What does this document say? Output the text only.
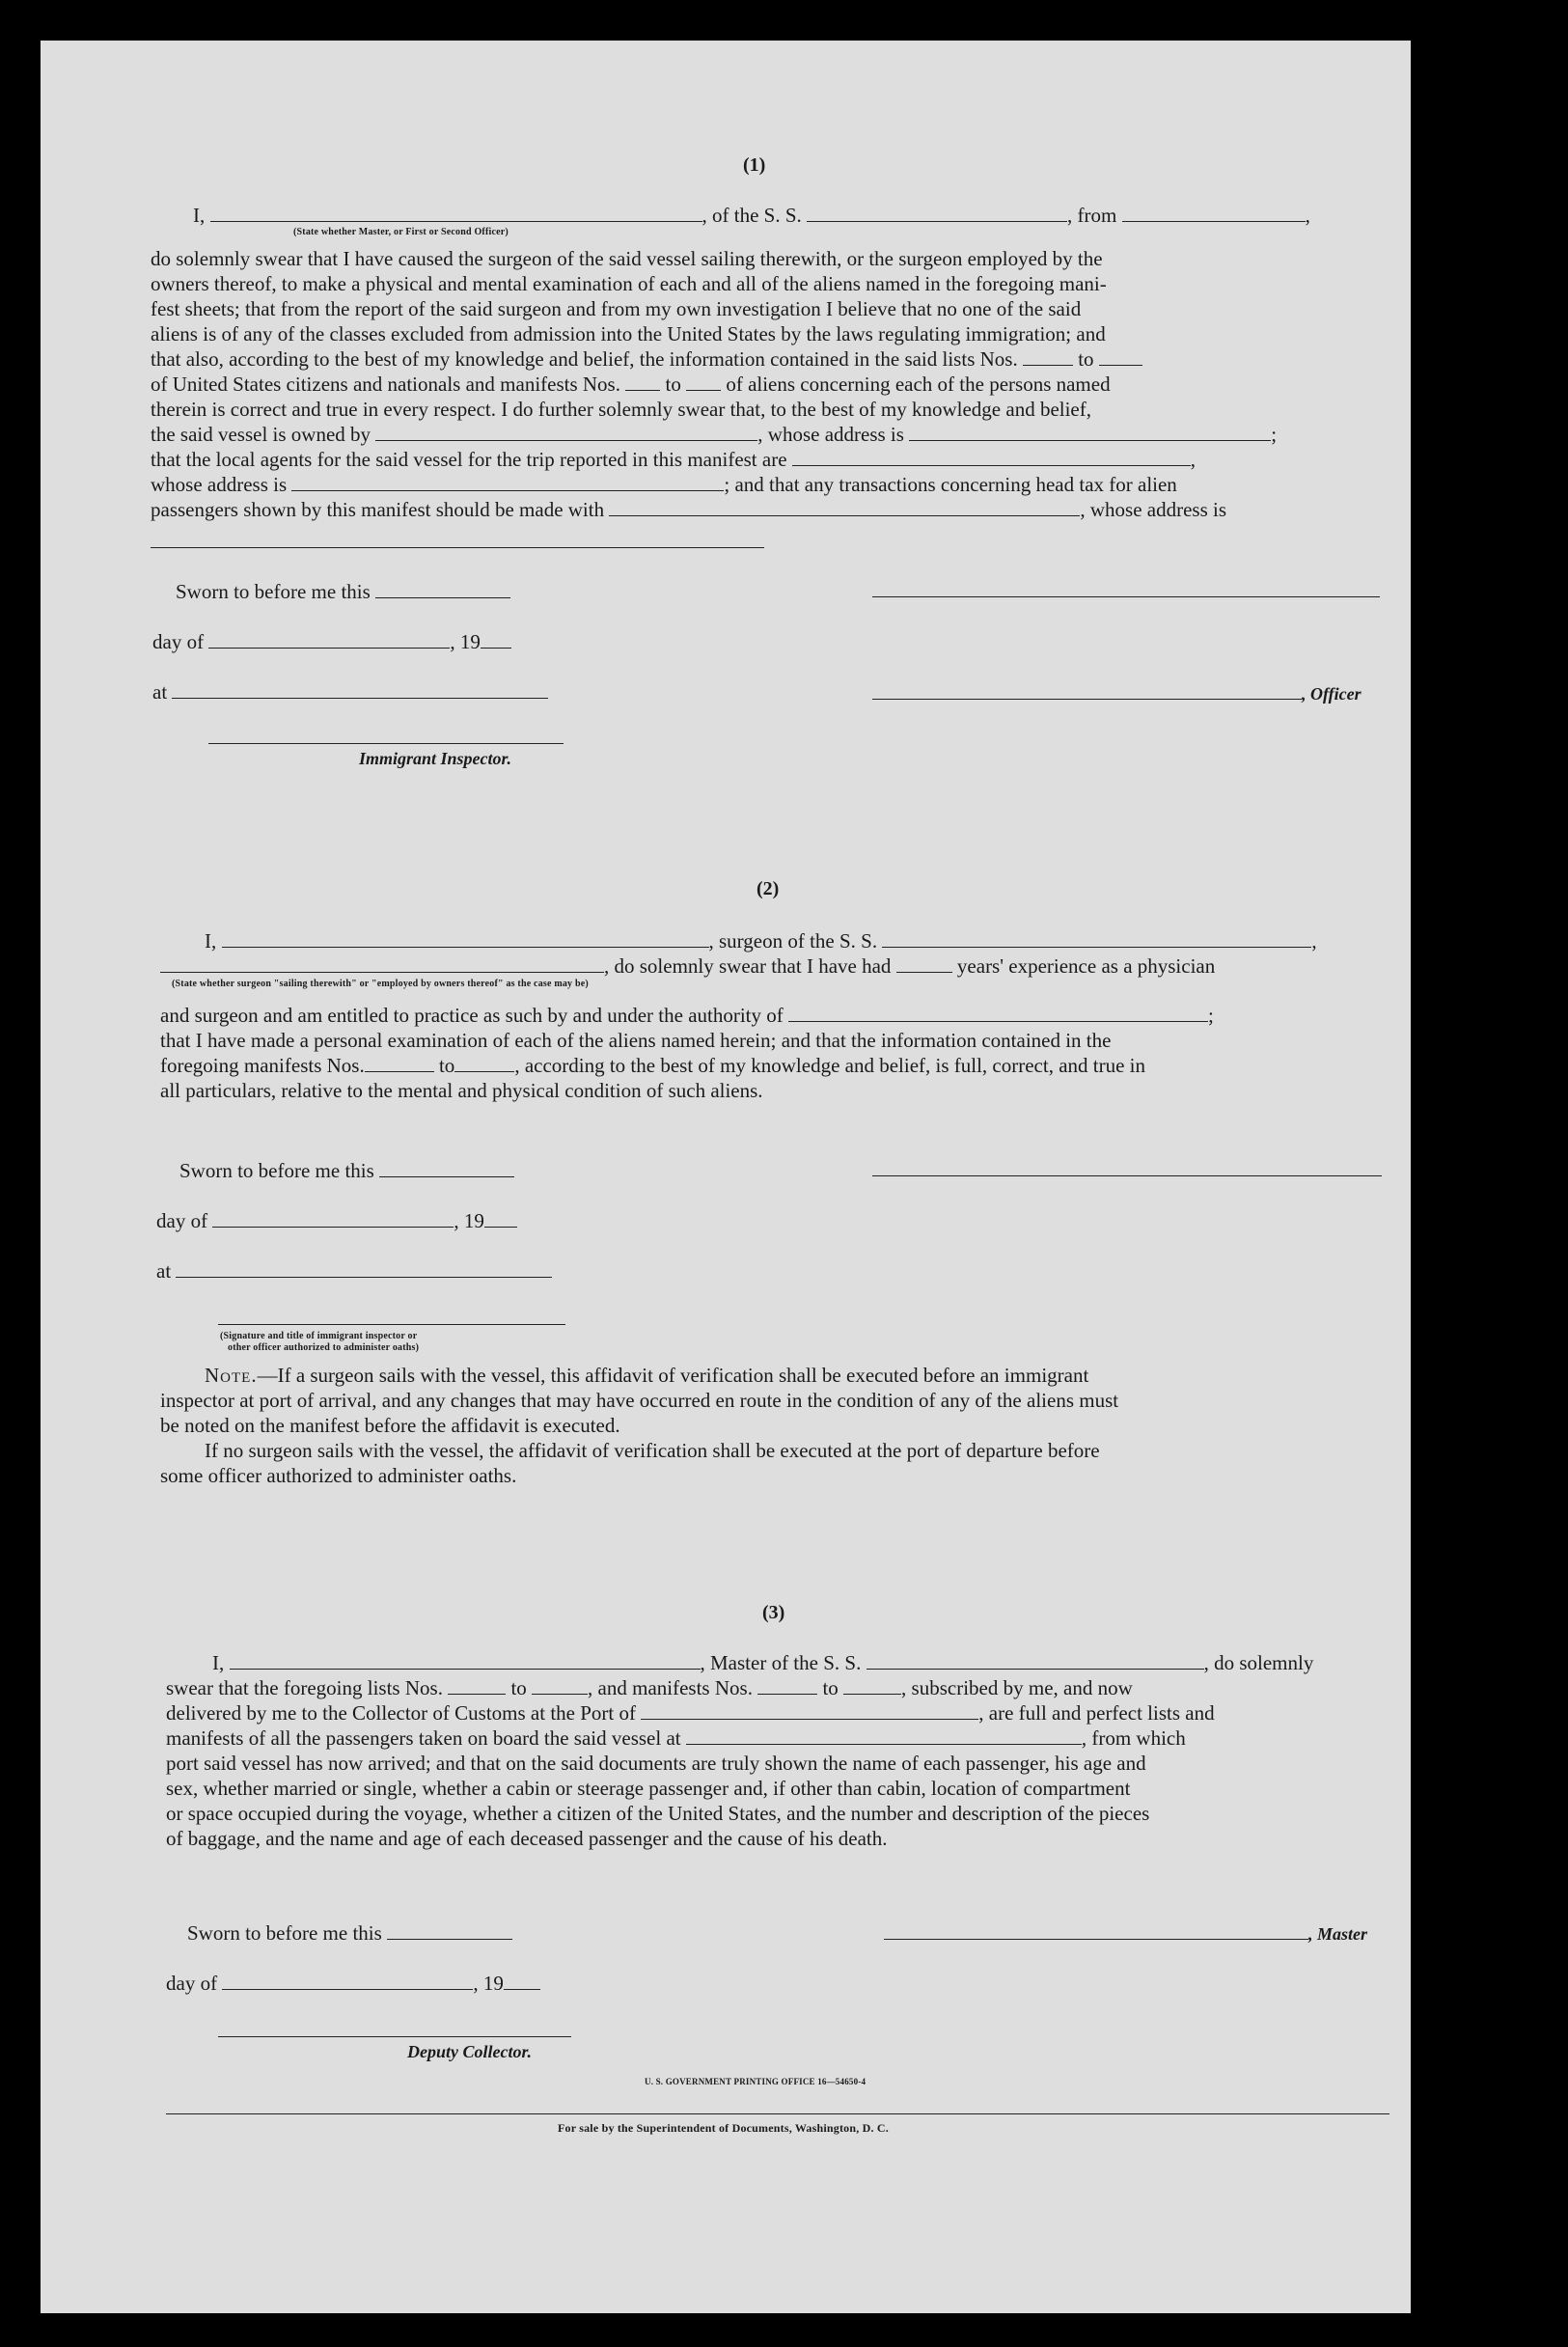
(1)
I,	, of the S. S.	, from	,
(State whether Master, or First or Second Officer)
do solemnly swear that I have caused the surgeon of the said vessel sailing therewith, or the surgeon employed by the
owners thereof, to make a physical and mental examination of each and all of the aliens named in the foregoing mani-
fest sheets; that from the report of the said surgeon and from my own investigation I believe that no one of the said
aliens is of any of the classes excluded from admission into the United States by the laws regulating immigration; and
that also, according to the best of my knowledge and belief, the information contained in the said lists Nos.	to
of United States citizens and nationals and manifests Nos. to of aliens concerning each of the persons named
therein is correct and true in every respect. I do further solemnly swear that, to the best of my knowledge and belief,
the said vessel is owned by	, whose address is	;
that the local agents for the said vessel for the trip reported in this manifest are	,
whose address is	; and that any transactions concerning head tax for alien
passengers shown by this manifest should be made with	, whose address is
Sworn to before me this
day of	, 19
, Officer
at
Immigrant Inspector.
(2)
I,	, surgeon of the S. S.	,
, do solemnly swear that I have had	years' experience as a physician
(State whether surgeon "sailing therewith" or "employed by owners thereof" as the case may be)
and surgeon and am entitled to practice as such by and under the authority of	;
that I have made a personal examination of each of the aliens named herein; and that the information contained in the
foregoing manifests Nos.	to	, according to the best of my knowledge and belief, is full, correct, and true in
all particulars, relative to the mental and physical condition of such aliens.
Sworn to before me this
day of	, 19
at
(Signature and title of immigrant inspector or
other officer authorized to administer oaths)
Note.—If a surgeon sails with the vessel, this affidavit of verification shall be executed before an immigrant
inspector at port of arrival, and any changes that may have occurred en route in the condition of any of the aliens must
be noted on the manifest before the affidavit is executed.
If no surgeon sails with the vessel, the affidavit of verification shall be executed at the port of departure before
some officer authorized to administer oaths.
(3)
I,	, Master of the S. S.	, do solemnly
swear that the foregoing lists Nos.	to	, and manifests Nos.	to	, subscribed by me, and now
delivered by me to the Collector of Customs at the Port of	, are full and perfect lists and
manifests of all the passengers taken on board the said vessel at	, from which
port said vessel has now arrived; and that on the said documents are truly shown the name of each passenger, his age and
sex, whether married or single, whether a cabin or steerage passenger and, if other than cabin, location of compartment
or space occupied during the voyage, whether a citizen of the United States, and the number and description of the pieces
of baggage, and the name and age of each deceased passenger and the cause of his death.
Sworn to before me this	, Master
day of	, 19
Deputy Collector.
U. S. GOVERNMENT PRINTING OFFICE 16—54650-4
For sale by the Superintendent of Documents, Washington, D. C.
